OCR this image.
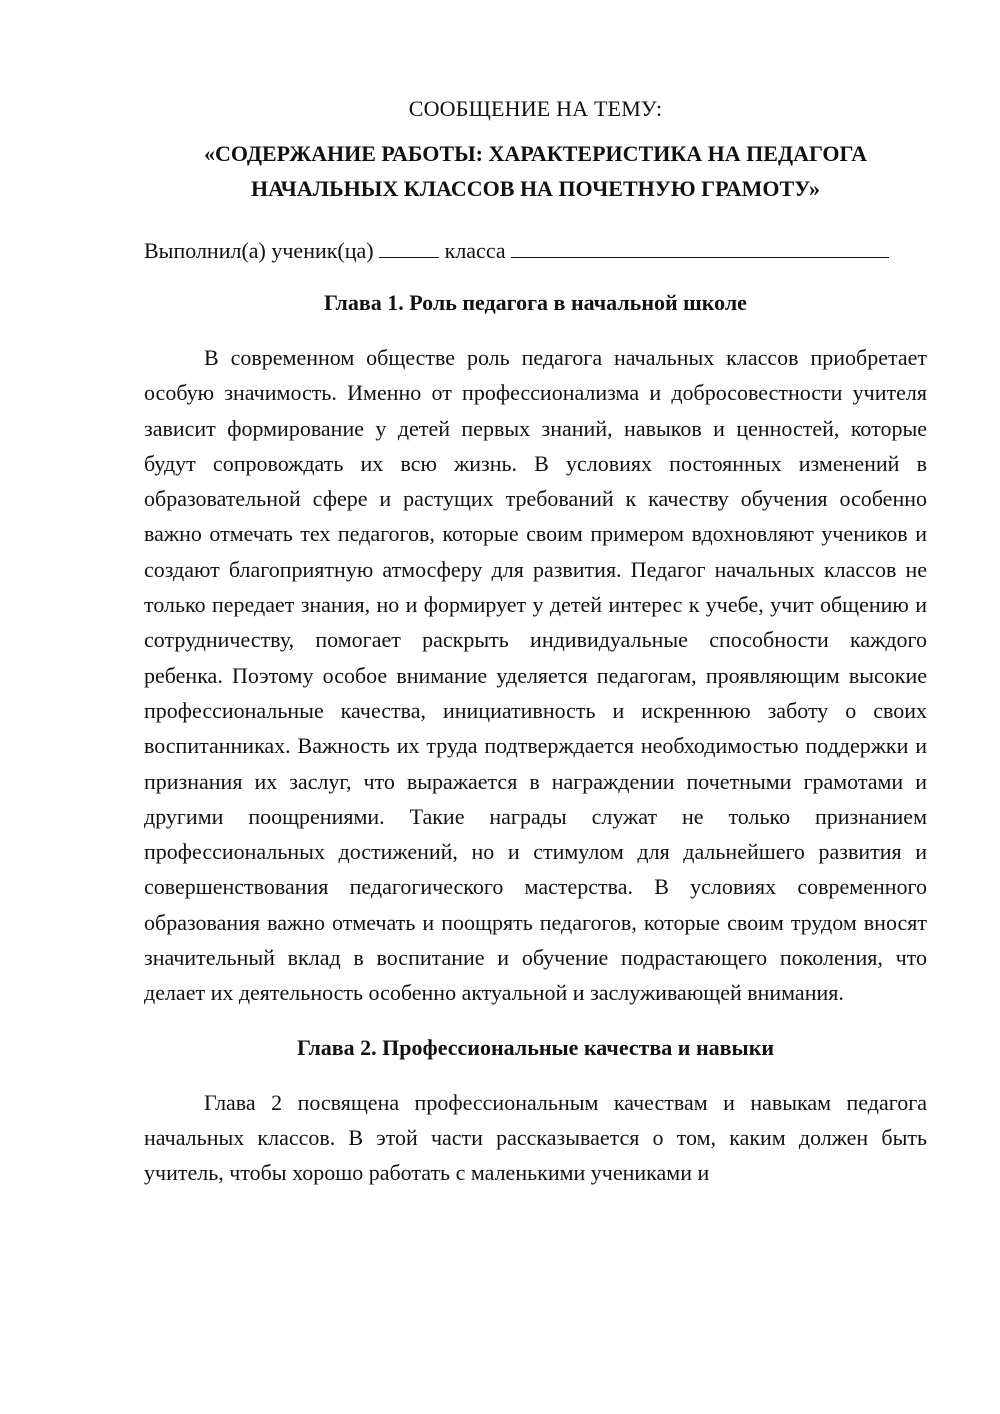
СООБЩЕНИЕ НА ТЕМУ:

«СОДЕРЖАНИЕ РАБОТЫ: ХАРАКТЕРИСТИКА НА ПЕДАГОГА
НАЧАЛЬНЫХ КЛАССОВ НА ПОЧЕТНУЮ ГРАМОТУ»

Выполнил(а) ученик(ца)	класса

Глава 1. Роль педагога в начальной школе

В современном обществе роль педагога начальных классов приобретает особую значимость. Именно от профессионализма и добросовестности учителя зависит формирование у детей первых знаний, навыков и ценностей, которые будут сопровождать их всю жизнь. В условиях постоянных изменений в образовательной сфере и растущих требований к качеству обучения особенно важно отмечать тех педагогов, которые своим примером вдохновляют учеников и создают благоприятную атмосферу для развития. Педагог начальных классов не только передает знания, но и формирует у детей интерес к учебе, учит общению и сотрудничеству, помогает раскрыть индивидуальные способности каждого ребенка. Поэтому особое внимание уделяется педагогам, проявляющим высокие профессиональные качества, инициативность и искреннюю заботу о своих воспитанниках. Важность их труда подтверждается необходимостью поддержки и признания их заслуг, что выражается в награждении почетными грамотами и другими поощрениями. Такие награды служат не только признанием профессиональных достижений, но и стимулом для дальнейшего развития и совершенствования педагогического мастерства. В условиях современного образования важно отмечать и поощрять педагогов, которые своим трудом вносят значительный вклад в воспитание и обучение подрастающего поколения, что делает их деятельность особенно актуальной и заслуживающей внимания.

Глава 2. Профессиональные качества и навыки

Глава 2 посвящена профессиональным качествам и навыкам педагога начальных классов. В этой части рассказывается о том, каким должен быть учитель, чтобы хорошо работать с маленькими учениками и
